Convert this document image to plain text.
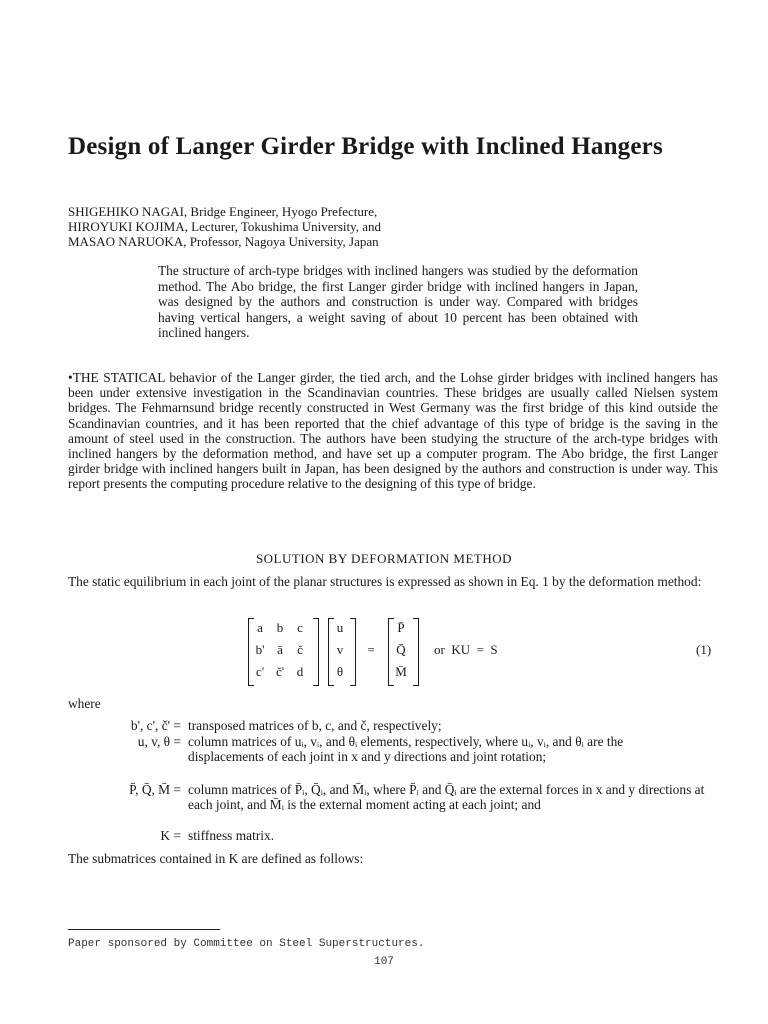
Design of Langer Girder Bridge with Inclined Hangers
SHIGEHIKO NAGAI, Bridge Engineer, Hyogo Prefecture,
HIROYUKI KOJIMA, Lecturer, Tokushima University, and
MASAO NARUOKA, Professor, Nagoya University, Japan
The structure of arch-type bridges with inclined hangers was studied by the deformation method. The Abo bridge, the first Langer girder bridge with inclined hangers in Japan, was designed by the authors and construction is under way. Compared with bridges having vertical hangers, a weight saving of about 10 percent has been obtained with inclined hangers.
•THE STATICAL behavior of the Langer girder, the tied arch, and the Lohse girder bridges with inclined hangers has been under extensive investigation in the Scandinavian countries. These bridges are usually called Nielsen system bridges. The Fehmarnsund bridge recently constructed in West Germany was the first bridge of this kind outside the Scandinavian countries, and it has been reported that the chief advantage of this type of bridge is the saving in the amount of steel used in the construction. The authors have been studying the structure of the arch-type bridges with inclined hangers by the deformation method, and have set up a computer program. The Abo bridge, the first Langer girder bridge with inclined hangers built in Japan, has been designed by the authors and construction is under way. This report presents the computing procedure relative to the designing of this type of bridge.
SOLUTION BY DEFORMATION METHOD
The static equilibrium in each joint of the planar structures is expressed as shown in Eq. 1 by the deformation method:
a	b	c
b' ā	č
c' č' d
u
v
θ
=
P̄
Q̄
M̄
or  KU  =  S	(1)
where
b', c', č' = transposed matrices of b, c, and č, respectively;
u, v, θ = column matrices of uᵢ, vᵢ, and θᵢ elements, respectively, where uᵢ, vᵢ, and θᵢ are the displacements of each joint in x and y directions and joint rotation;
P̄, Q̄, M̄ = column matrices of P̄ᵢ, Q̄ᵢ, and M̄ᵢ, where P̄ᵢ and Q̄ᵢ are the external forces in x and y directions at each joint, and M̄ᵢ is the external moment acting at each joint; and
K = stiffness matrix.
The submatrices contained in K are defined as follows:
Paper sponsored by Committee on Steel Superstructures.
107
